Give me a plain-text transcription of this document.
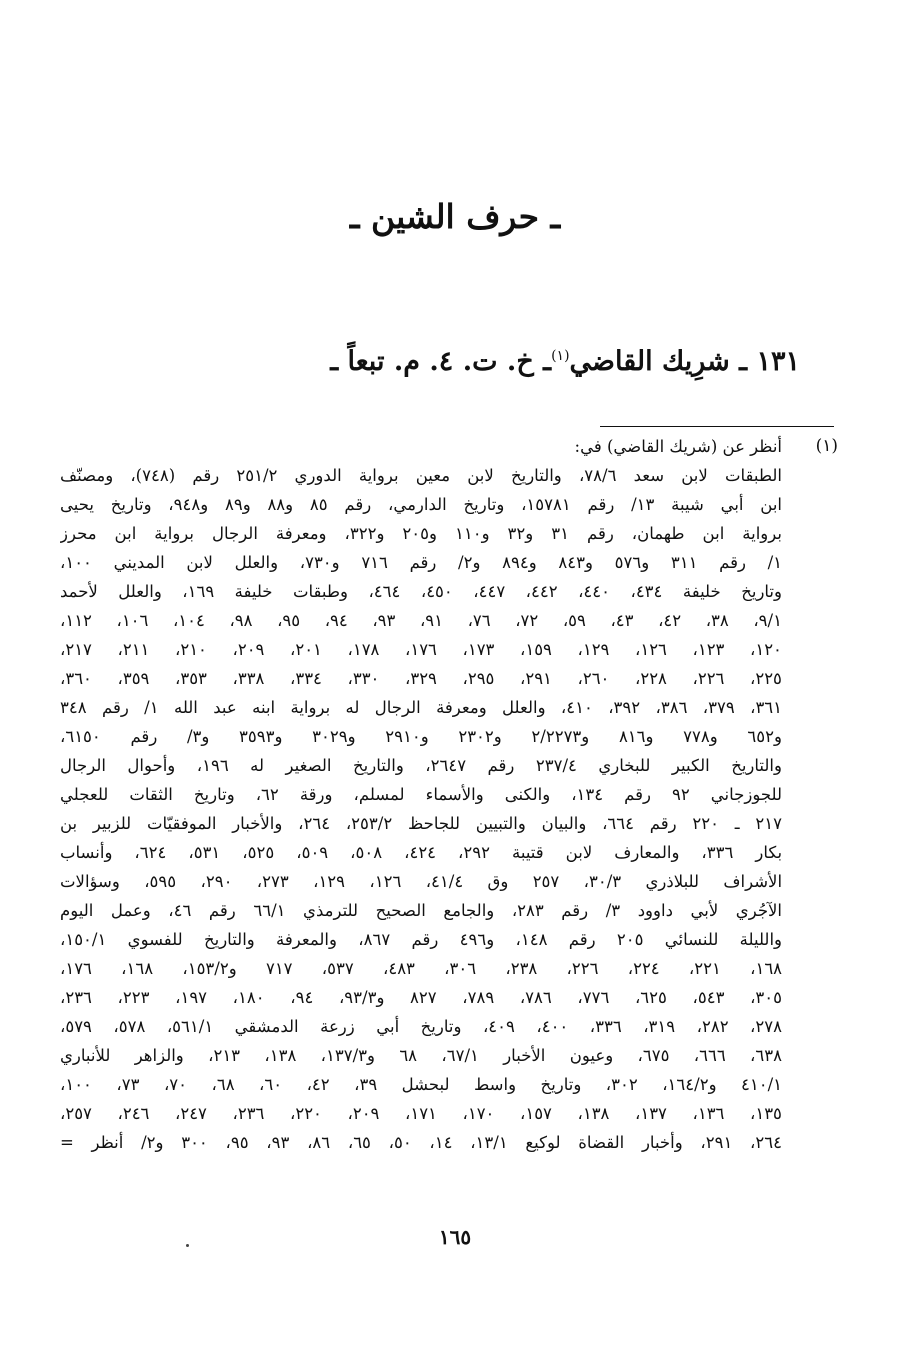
ـ حرف الشين ـ
١٣١ ـ شرِيك القاضي$^{(١)}$ـ خ. ت. ٤. م. تبعاً ـ
(١)
أنظر عن (شريك القاضي) في:
الطبقات لابن سعد ٧٨/٦، والتاريخ لابن معين برواية الدوري ٢٥١/٢ رقم (٧٤٨)، ومصنّف
ابن أبي شيبة ١٣/ رقم ١٥٧٨١، وتاريخ الدارمي، رقم ٨٥ و٨٨ و٨٩ و٩٤٨، وتاريخ يحيى
برواية ابن طهمان، رقم ٣١ و٣٢ و١١٠ و٢٠٥ و٣٢٢، ومعرفة الرجال برواية ابن محرز
١/ رقم ٣١١ و٥٧٦ و٨٤٣ و٨٩٤ و٢/ رقم ٧١٦ و٧٣٠، والعلل لابن المديني ١٠٠،
وتاريخ خليفة ٤٣٤، ٤٤٠، ٤٤٢، ٤٤٧، ٤٥٠، ٤٦٤، وطبقات خليفة ١٦٩، والعلل لأحمد
٩/١، ٣٨، ٤٢، ٤٣، ٥٩، ٧٢، ٧٦، ٩١، ٩٣، ٩٤، ٩٥، ٩٨، ١٠٤، ١٠٦، ١١٢،
١٢٠، ١٢٣، ١٢٦، ١٢٩، ١٥٩، ١٧٣، ١٧٦، ١٧٨، ٢٠١، ٢٠٩، ٢١٠، ٢١١، ٢١٧،
٢٢٥، ٢٢٦، ٢٢٨، ٢٦٠، ٢٩١، ٢٩٥، ٣٢٩، ٣٣٠، ٣٣٤، ٣٣٨، ٣٥٣، ٣٥٩، ٣٦٠،
٣٦١، ٣٧٩، ٣٨٦، ٣٩٢، ٤١٠، والعلل ومعرفة الرجال له برواية ابنه عبد الله ١/ رقم ٣٤٨
و٦٥٢ و٧٧٨ و٨١٦ و٢/٢٢٧٣ و٢٣٠٢ و٢٩١٠ و٣٠٢٩ و٣٥٩٣ و٣/ رقم ٦١٥٠،
والتاريخ الكبير للبخاري ٢٣٧/٤ رقم ٢٦٤٧، والتاريخ الصغير له ١٩٦، وأحوال الرجال
للجوزجاني ٩٢ رقم ١٣٤، والكنى والأسماء لمسلم، ورقة ٦٢، وتاريخ الثقات للعجلي
٢١٧ ـ ٢٢٠ رقم ٦٦٤، والبيان والتبيين للجاحظ ٢٥٣/٢، ٢٦٤، والأخبار الموفقيّات للزبير بن
بكار ٣٣٦، والمعارف لابن قتيبة ٢٩٢، ٤٢٤، ٥٠٨، ٥٠٩، ٥٢٥، ٥٣١، ٦٢٤، وأنساب
الأشراف للبلاذري ٣٠/٣، ٢٥٧ وق ٤١/٤، ١٢٦، ١٢٩، ٢٧٣، ٢٩٠، ٥٩٥، وسؤالات
الآجُري لأبي داوود ٣/ رقم ٢٨٣، والجامع الصحيح للترمذي ٦٦/١ رقم ٤٦، وعمل اليوم
والليلة للنسائي ٢٠٥ رقم ١٤٨، و٤٩٦ رقم ٨٦٧، والمعرفة والتاريخ للفسوي ١٥٠/١،
١٦٨، ٢٢١، ٢٢٤، ٢٢٦، ٢٣٨، ٣٠٦، ٤٨٣، ٥٣٧، ٧١٧ و١٥٣/٢، ١٦٨، ١٧٦،
٣٠٥، ٥٤٣، ٦٢٥، ٧٧٦، ٧٨٦، ٧٨٩، ٨٢٧ و٩٣/٣، ٩٤، ١٨٠، ١٩٧، ٢٢٣، ٢٣٦،
٢٧٨، ٢٨٢، ٣١٩، ٣٣٦، ٤٠٠، ٤٠٩، وتاريخ أبي زرعة الدمشقي ٥٦١/١، ٥٧٨، ٥٧٩،
٦٣٨، ٦٦٦، ٦٧٥، وعيون الأخبار ٦٧/١، ٦٨ و١٣٧/٣، ١٣٨، ٢١٣، والزاهر للأنباري
٤١٠/١ و١٦٤/٢، ٣٠٢، وتاريخ واسط لبحشل ٣٩، ٤٢، ٦٠، ٦٨، ٧٠، ٧٣، ١٠٠،
١٣٥، ١٣٦، ١٣٧، ١٣٨، ١٥٧، ١٧٠، ١٧١، ٢٠٩، ٢٢٠، ٢٣٦، ٢٤٧، ٢٤٦، ٢٥٧،
٢٦٤، ٢٩١، وأخبار القضاة لوكيع ١٣/١، ١٤، ٥٠، ٦٥، ٨٦، ٩٣، ٩٥، ٣٠٠ و٢/ أنظر =
١٦٥
